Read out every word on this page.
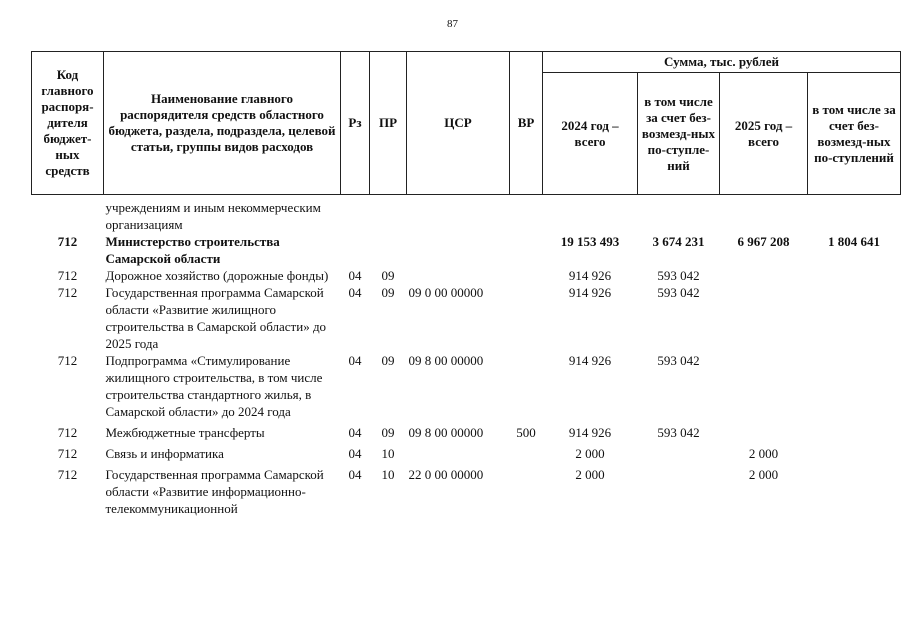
87
Код главного распоря-дителя бюджет-ных средств	Наименование главного распорядителя средств областного бюджета, раздела, подраздела, целевой статьи, группы видов расходов	Рз	ПР	ЦСР	ВР	Сумма, тыс. рублей			
						2024 год – всего	в том числе за счет без-возмезд-ных по-ступле-ний	2025 год – всего	в том числе за счет без-возмезд-ных по-ступлений

	учреждениям и иным некоммерческим организациям								
712	Министерство строительства Самарской области					19 153 493	3 674 231	6 967 208	1 804 641
712	Дорожное хозяйство (дорожные фонды)	04	09			914 926	593 042		
712	Государственная программа Самарской области «Развитие жилищного строительства в Самарской области» до 2025 года	04	09	09 0 00 00000		914 926	593 042		
712	Подпрограмма «Стимулирование жилищного строительства, в том числе строительства стандартного жилья, в Самарской области» до 2024 года	04	09	09 8 00 00000		914 926	593 042		
712	Межбюджетные трансферты	04	09	09 8 00 00000	500	914 926	593 042		
712	Связь и информатика	04	10			2 000		2 000	
712	Государственная программа Самарской области «Развитие информационно-телекоммуникационной	04	10	22 0 00 00000		2 000		2 000	
